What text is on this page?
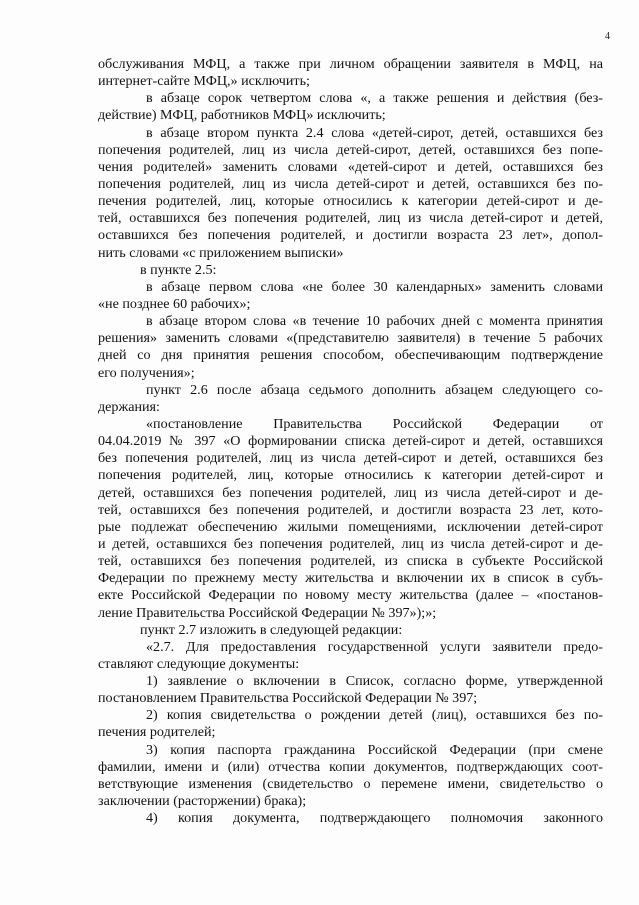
4
обслуживания МФЦ, а также при личном обращении заявителя в МФЦ, на
интернет-сайте МФЦ,» исключить;
в абзаце сорок четвертом слова «, а также решения и действия (без-
действие) МФЦ, работников МФЦ» исключить;
в абзаце втором пункта 2.4 слова «детей-сирот, детей, оставшихся без
попечения родителей, лиц из числа детей-сирот, детей, оставшихся без попе-
чения родителей» заменить словами «детей-сирот и детей, оставшихся без
попечения родителей, лиц из числа детей-сирот и детей, оставшихся без по-
печения родителей, лиц, которые относились к категории детей-сирот и де-
тей, оставшихся без попечения родителей, лиц из числа детей-сирот и детей,
оставшихся без попечения родителей, и достигли возраста 23 лет», допол-
нить словами «с приложением выписки»
в пункте 2.5:
в абзаце первом слова «не более 30 календарных» заменить словами
«не позднее 60 рабочих»;
в абзаце втором слова «в течение 10 рабочих дней с момента принятия
решения» заменить словами «(представителю заявителя) в течение 5 рабочих
дней со дня принятия решения способом, обеспечивающим подтверждение
его получения»;
пункт 2.6 после абзаца седьмого дополнить абзацем следующего со-
держания:
«постановление Правительства Российской Федерации от
04.04.2019 № 397 «О формировании списка детей-сирот и детей, оставшихся
без попечения родителей, лиц из числа детей-сирот и детей, оставшихся без
попечения родителей, лиц, которые относились к категории детей-сирот и
детей, оставшихся без попечения родителей, лиц из числа детей-сирот и де-
тей, оставшихся без попечения родителей, и достигли возраста 23 лет, кото-
рые подлежат обеспечению жилыми помещениями, исключении детей-сирот
и детей, оставшихся без попечения родителей, лиц из числа детей-сирот и де-
тей, оставшихся без попечения родителей, из списка в субъекте Российской
Федерации по прежнему месту жительства и включении их в список в субъ-
екте Российской Федерации по новому месту жительства (далее – «постанов-
ление Правительства Российской Федерации № 397»);»;
пункт 2.7 изложить в следующей редакции:
«2.7. Для предоставления государственной услуги заявители предо-
ставляют следующие документы:
1) заявление о включении в Список, согласно форме, утвержденной
постановлением Правительства Российской Федерации № 397;
2) копия свидетельства о рождении детей (лиц), оставшихся без по-
печения родителей;
3) копия паспорта гражданина Российской Федерации (при смене
фамилии, имени и (или) отчества копии документов, подтверждающих соот-
ветствующие изменения (свидетельство о перемене имени, свидетельство о
заключении (расторжении) брака);
4) копия документа, подтверждающего полномочия законного
